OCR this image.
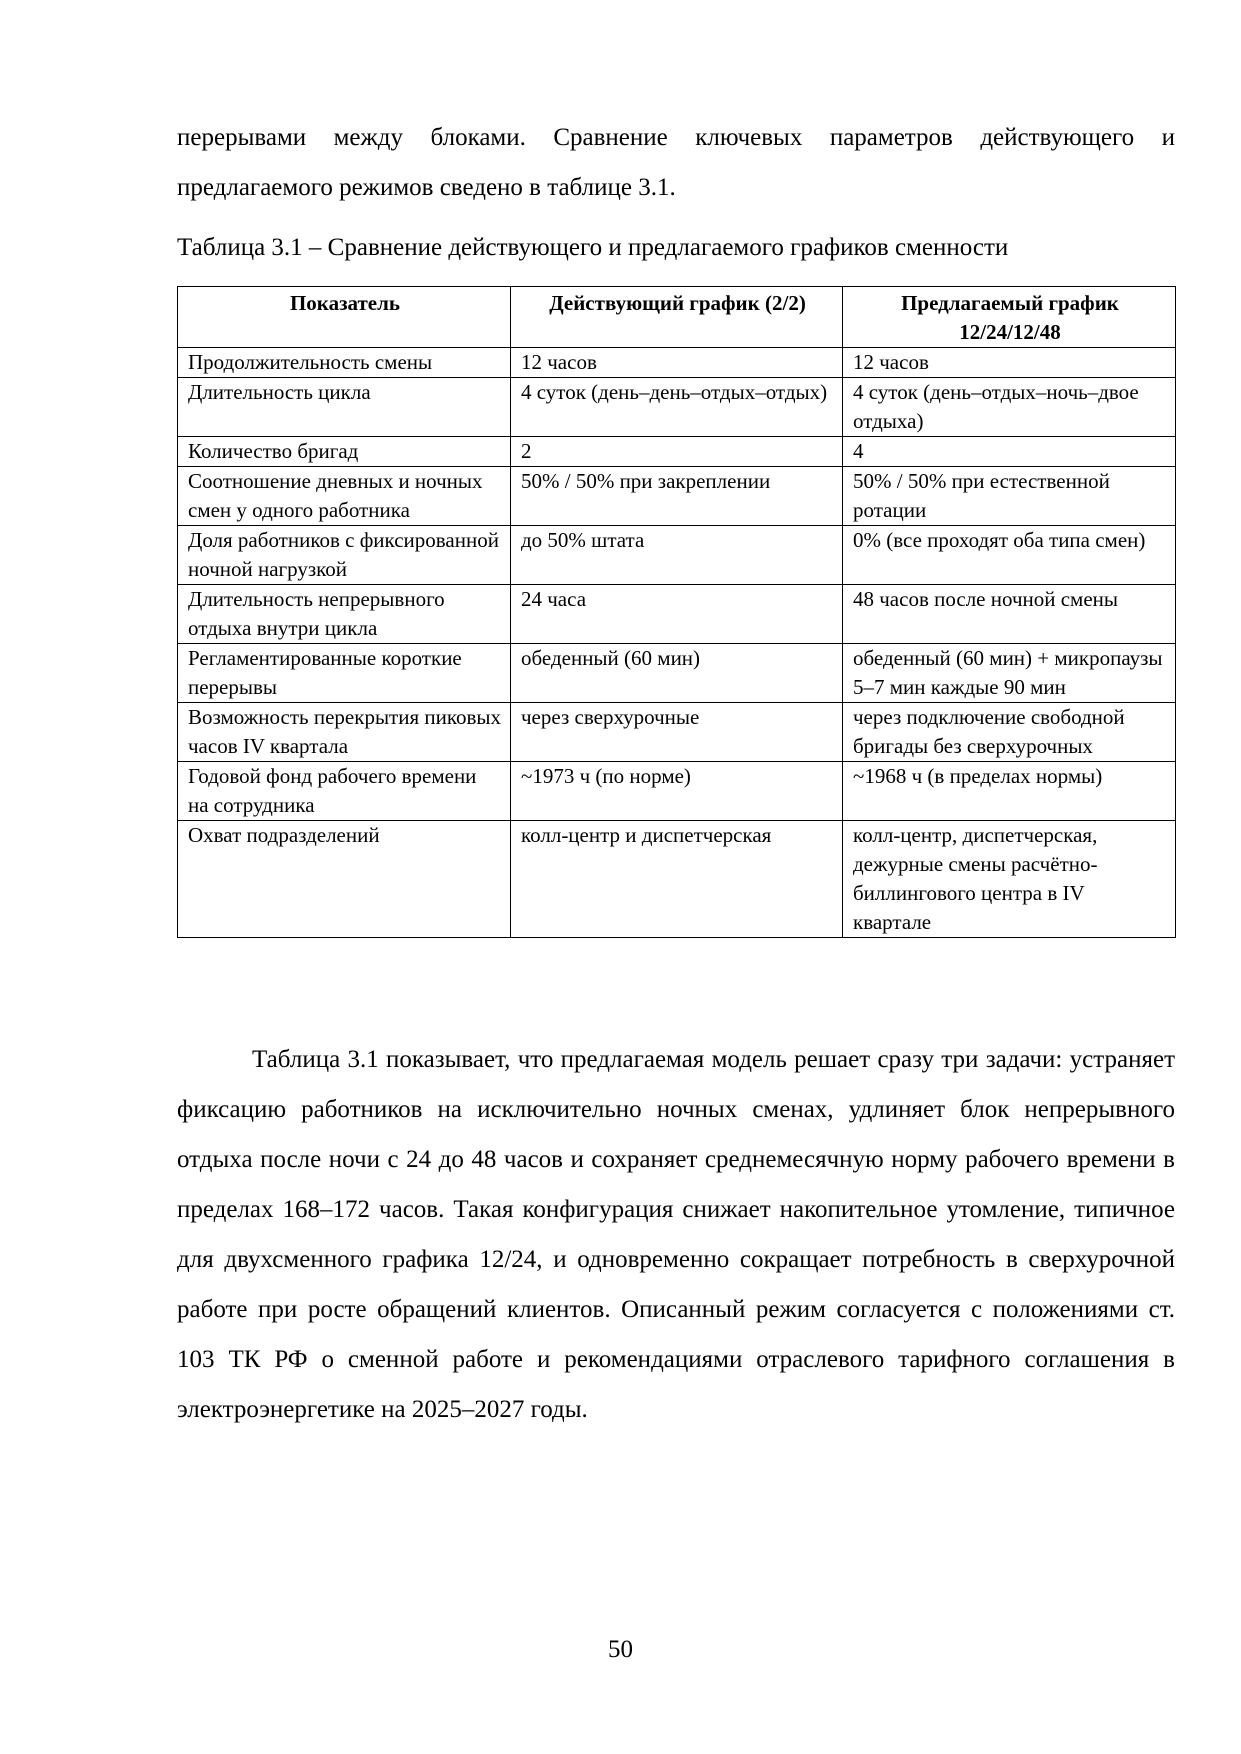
перерывами между блоками. Сравнение ключевых параметров действующего и
предлагаемого режимов сведено в таблице 3.1.

Таблица 3.1 – Сравнение действующего и предлагаемого графиков сменности

Показатель	Действующий график (2/2)	Предлагаемый график 12/24/12/48
Продолжительность смены	12 часов	12 часов
Длительность цикла	4 суток (день–день–отдых–отдых)	4 суток (день–отдых–ночь–двое отдыха)
Количество бригад	2	4
Соотношение дневных и ночных смен у одного работника	50% / 50% при закреплении	50% / 50% при естественной ротации
Доля работников с фиксированной ночной нагрузкой	до 50% штата	0% (все проходят оба типа смен)
Длительность непрерывного отдыха внутри цикла	24 часа	48 часов после ночной смены
Регламентированные короткие перерывы	обеденный (60 мин)	обеденный (60 мин) + микропаузы 5–7 мин каждые 90 мин
Возможность перекрытия пиковых часов IV квартала	через сверхурочные	через подключение свободной бригады без сверхурочных
Годовой фонд рабочего времени на сотрудника	~1973 ч (по норме)	~1968 ч (в пределах нормы)
Охват подразделений	колл-центр и диспетчерская	колл-центр, диспетчерская, дежурные смены расчётно-биллингового центра в IV квартале

Таблица 3.1 показывает, что предлагаемая модель решает сразу три задачи: устраняет фиксацию работников на исключительно ночных сменах, удлиняет блок непрерывного отдыха после ночи с 24 до 48 часов и сохраняет среднемесячную норму рабочего времени в пределах 168–172 часов. Такая конфигурация снижает накопительное утомление, типичное для двухсменного графика 12/24, и одновременно сокращает потребность в сверхурочной работе при росте обращений клиентов. Описанный режим согласуется с положениями ст. 103 ТК РФ о сменной работе и рекомендациями отраслевого тарифного соглашения в электроэнергетике на 2025–2027 годы.

50
